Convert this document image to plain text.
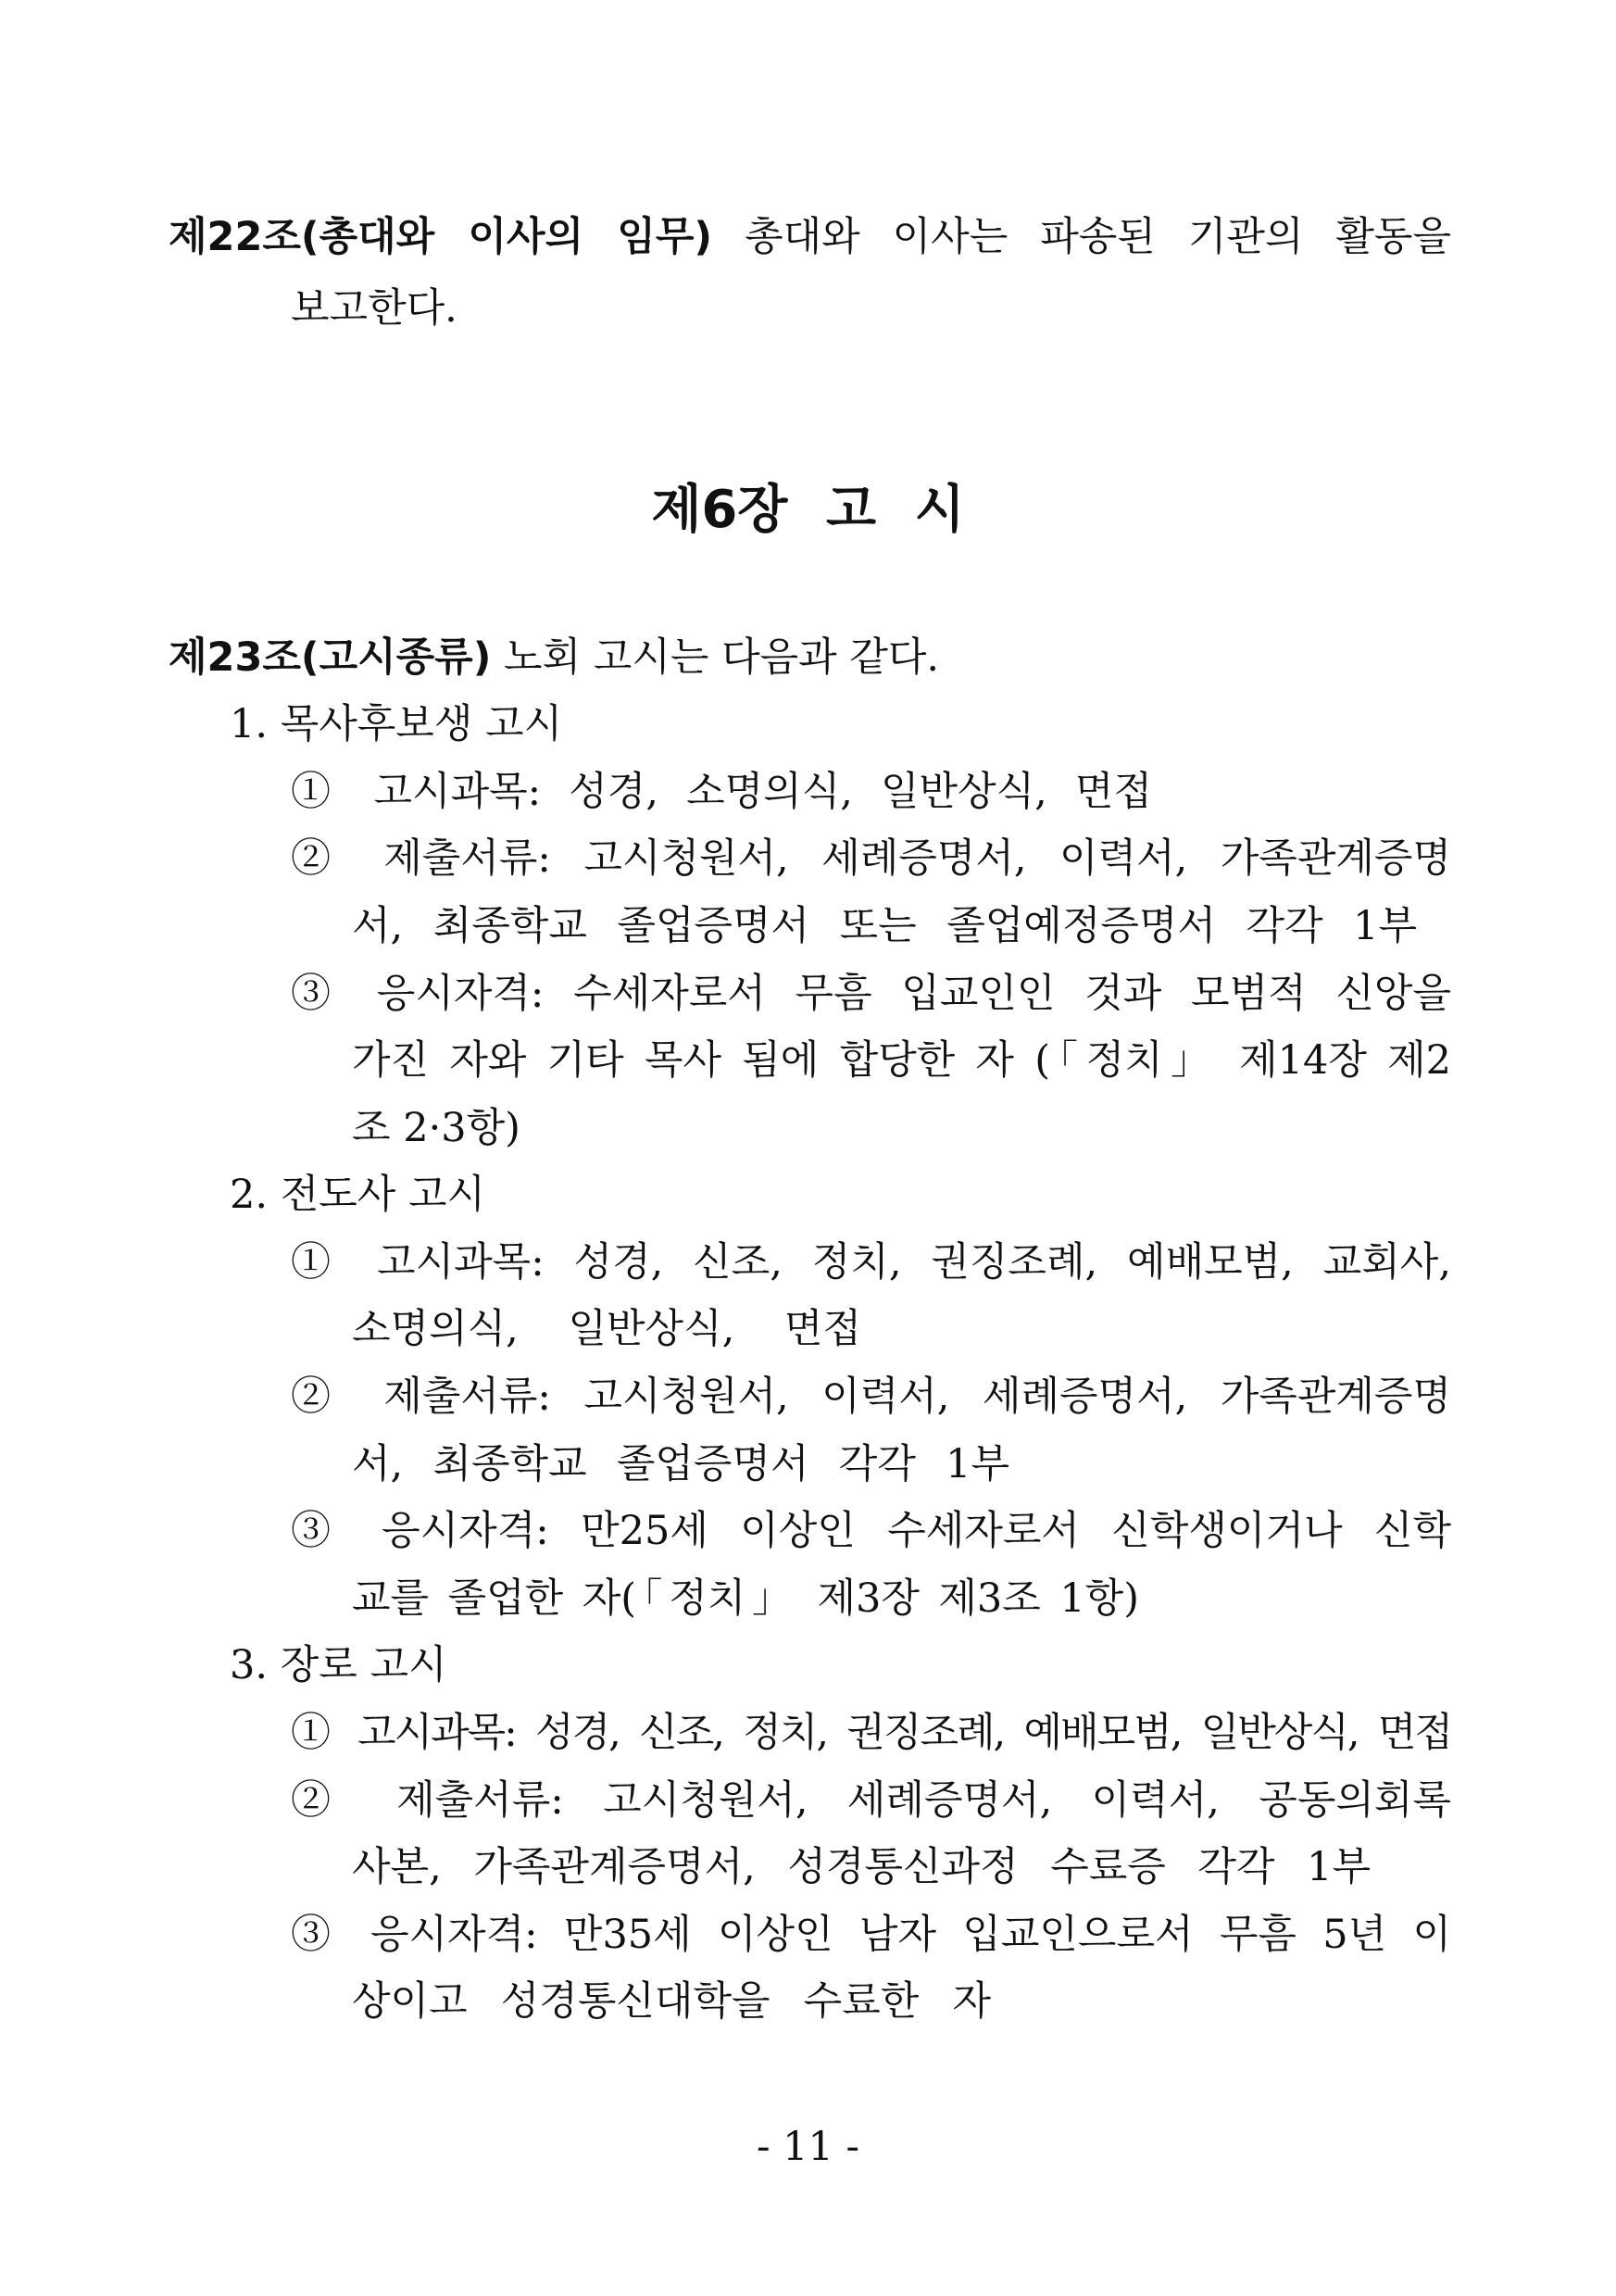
제22조(총대와 이사의 임무) 총대와 이사는 파송된 기관의 활동을
보고한다.
제6장 고 시
제23조(고시종류) 노회 고시는 다음과 같다.
1. 목사후보생 고시
① 고시과목: 성경, 소명의식, 일반상식, 면접
② 제출서류: 고시청원서, 세례증명서, 이력서, 가족관계증명
서, 최종학교 졸업증명서 또는 졸업예정증명서 각각 1부
③ 응시자격: 수세자로서 무흠 입교인인 것과 모범적 신앙을
가진 자와 기타 목사 됨에 합당한 자 (「정치」 제14장 제2
조 2·3항)
2. 전도사 고시
① 고시과목: 성경, 신조, 정치, 권징조례, 예배모범, 교회사,
소명의식, 일반상식, 면접
② 제출서류: 고시청원서, 이력서, 세례증명서, 가족관계증명
서, 최종학교 졸업증명서 각각 1부
③ 응시자격: 만25세 이상인 수세자로서 신학생이거나 신학
교를 졸업한 자(「정치」 제3장 제3조 1항)
3. 장로 고시
① 고시과목: 성경, 신조, 정치, 권징조례, 예배모범, 일반상식, 면접
② 제출서류: 고시청원서, 세례증명서, 이력서, 공동의회록
사본, 가족관계증명서, 성경통신과정 수료증 각각 1부
③ 응시자격: 만35세 이상인 남자 입교인으로서 무흠 5년 이
상이고 성경통신대학을 수료한 자
- 11 -
